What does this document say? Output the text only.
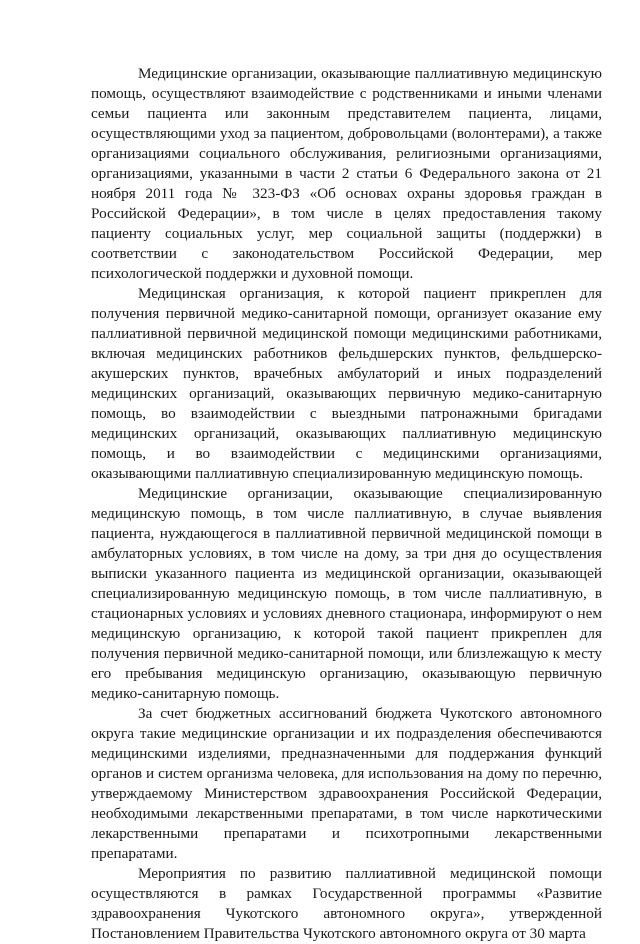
Медицинские организации, оказывающие паллиативную медицинскую помощь, осуществляют взаимодействие с родственниками и иными членами семьи пациента или законным представителем пациента, лицами, осуществляющими уход за пациентом, добровольцами (волонтерами), а также организациями социального обслуживания, религиозными организациями, организациями, указанными в части 2 статьи 6 Федерального закона от 21 ноября 2011 года № 323-ФЗ «Об основах охраны здоровья граждан в Российской Федерации», в том числе в целях предоставления такому пациенту социальных услуг, мер социальной защиты (поддержки) в соответствии с законодательством Российской Федерации, мер психологической поддержки и духовной помощи.

Медицинская организация, к которой пациент прикреплен для получения первичной медико-санитарной помощи, организует оказание ему паллиативной первичной медицинской помощи медицинскими работниками, включая медицинских работников фельдшерских пунктов, фельдшерско-акушерских пунктов, врачебных амбулаторий и иных подразделений медицинских организаций, оказывающих первичную медико-санитарную помощь, во взаимодействии с выездными патронажными бригадами медицинских организаций, оказывающих паллиативную медицинскую помощь, и во взаимодействии с медицинскими организациями, оказывающими паллиативную специализированную медицинскую помощь.

Медицинские организации, оказывающие специализированную медицинскую помощь, в том числе паллиативную, в случае выявления пациента, нуждающегося в паллиативной первичной медицинской помощи в амбулаторных условиях, в том числе на дому, за три дня до осуществления выписки указанного пациента из медицинской организации, оказывающей специализированную медицинскую помощь, в том числе паллиативную, в стационарных условиях и условиях дневного стационара, информируют о нем медицинскую организацию, к которой такой пациент прикреплен для получения первичной медико-санитарной помощи, или близлежащую к месту его пребывания медицинскую организацию, оказывающую первичную медико-санитарную помощь.

За счет бюджетных ассигнований бюджета Чукотского автономного округа такие медицинские организации и их подразделения обеспечиваются медицинскими изделиями, предназначенными для поддержания функций органов и систем организма человека, для использования на дому по перечню, утверждаемому Министерством здравоохранения Российской Федерации, необходимыми лекарственными препаратами, в том числе наркотическими лекарственными препаратами и психотропными лекарственными препаратами.

Мероприятия по развитию паллиативной медицинской помощи осуществляются в рамках Государственной программы «Развитие здравоохранения Чукотского автономного округа», утвержденной Постановлением Правительства Чукотского автономного округа от 30 марта
